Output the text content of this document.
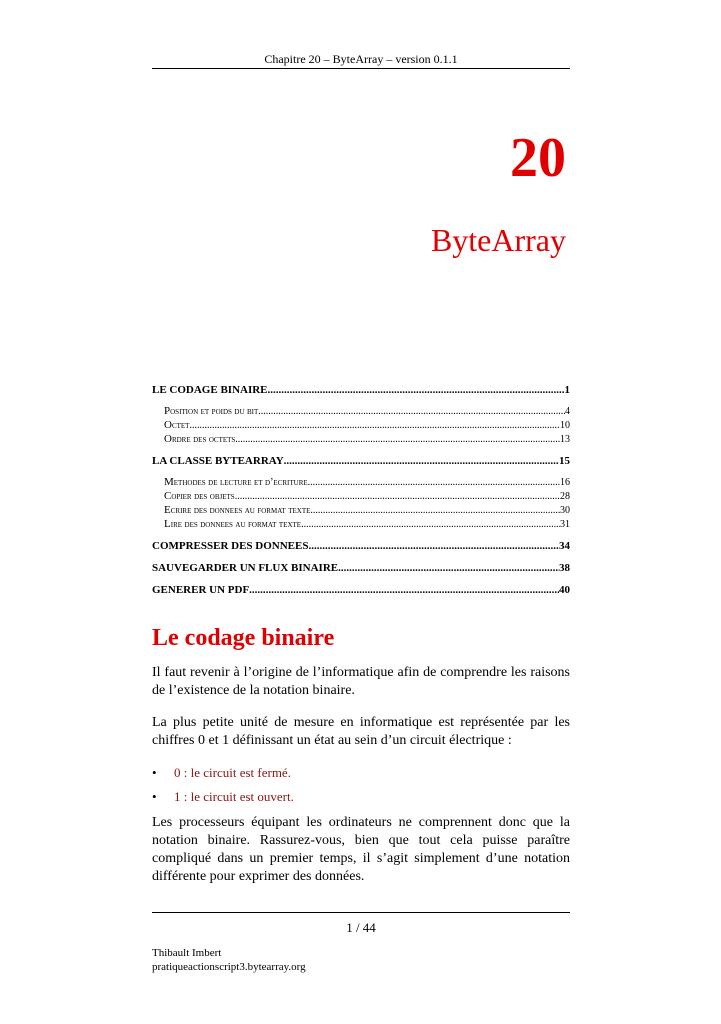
Chapitre 20 – ByteArray – version 0.1.1
20
ByteArray
LE CODAGE BINAIRE .....	1
Position et poids du bit .....	4
Octet .....	10
Ordre des octets .....	13
LA CLASSE BYTEARRAY .....	15
Methodes de lecture et d’ecriture .....	16
Copier des objets .....	28
Ecrire des donnees au format texte .....	30
Lire des donnees au format texte .....	31
COMPRESSER DES DONNEES .....	34
SAUVEGARDER UN FLUX BINAIRE .....	38
GENERER UN PDF .....	40
Le codage binaire

Il faut revenir à l’origine de l’informatique afin de comprendre les raisons de l’existence de la notation binaire.

La plus petite unité de mesure en informatique est représentée par les chiffres 0 et 1 définissant un état au sein d’un circuit électrique :

•	0 : le circuit est fermé.
•	1 : le circuit est ouvert.

Les processeurs équipant les ordinateurs ne comprennent donc que la notation binaire. Rassurez-vous, bien que tout cela puisse paraître compliqué dans un premier temps, il s’agit simplement d’une notation différente pour exprimer des données.

1 / 44
Thibault Imbert
pratiqueactionscript3.bytearray.org
